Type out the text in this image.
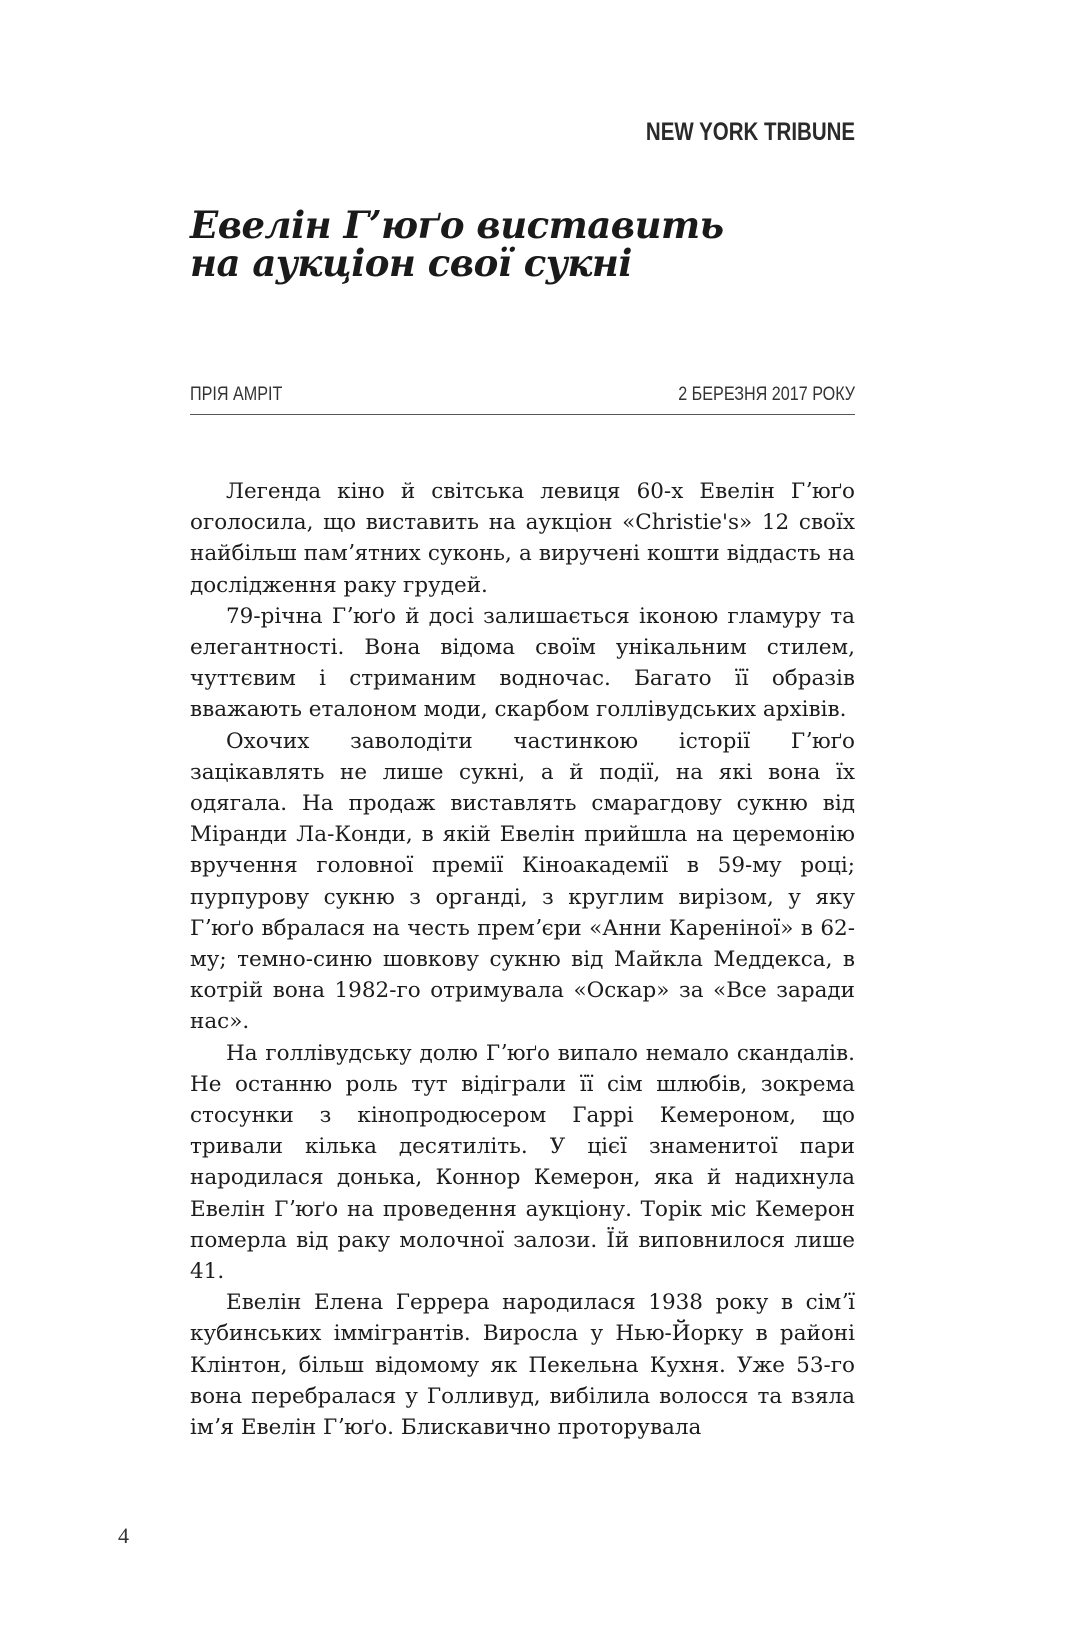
NEW YORK TRIBUNE
Евелін Гʼюґо виставить
на аукціон свої сукні
ПРІЯ АМРІТ	2 БЕРЕЗНЯ 2017 РОКУ

Легенда кіно й світська левиця 60-х Евелін Гʼюґо оголосила, що виставить на аукціон «Christie's» 12 своїх найбільш памʼятних суконь, а виручені кошти віддасть на дослідження раку грудей.

79-річна Гʼюґо й досі залишається іконою гламуру та елегантності. Вона відома своїм унікальним стилем, чуттєвим і стриманим водночас. Багато її образів вважають еталоном моди, скарбом голлівудських архівів.

Охочих заволодіти частинкою історії Гʼюґо зацікавлять не лише сукні, а й події, на які вона їх одягала. На продаж виставлять смарагдову сукню від Міранди Ла-Конди, в якій Евелін прийшла на церемонію вручення головної премії Кіноакадемії в 59-му році; пурпурову сукню з органді, з круглим вирізом, у яку Гʼюґо вбралася на честь премʼєри «Анни Кареніної» в 62-му; темно-синю шовкову сукню від Майкла Меддекса, в котрій вона 1982-го отримувала «Оскар» за «Все заради нас».

На голлівудську долю Гʼюґо випало немало скандалів. Не останню роль тут відіграли її сім шлюбів, зокрема стосунки з кінопродюсером Гаррі Кемероном, що тривали кілька десятиліть. У цієї знаменитої пари народилася донька, Коннор Кемерон, яка й надихнула Евелін Гʼюґо на проведення аукціону. Торік міс Кемерон померла від раку молочної залози. Їй виповнилося лише 41.

Евелін Елена Геррера народилася 1938 року в сімʼї кубинських іммігрантів. Виросла у Нью-Йорку в районі Клінтон, більш відомому як Пекельна Кухня. Уже 53-го вона перебралася у Голливуд, вибілила волосся та взяла імʼя Евелін Гʼюґо. Блискавично проторувала

4
